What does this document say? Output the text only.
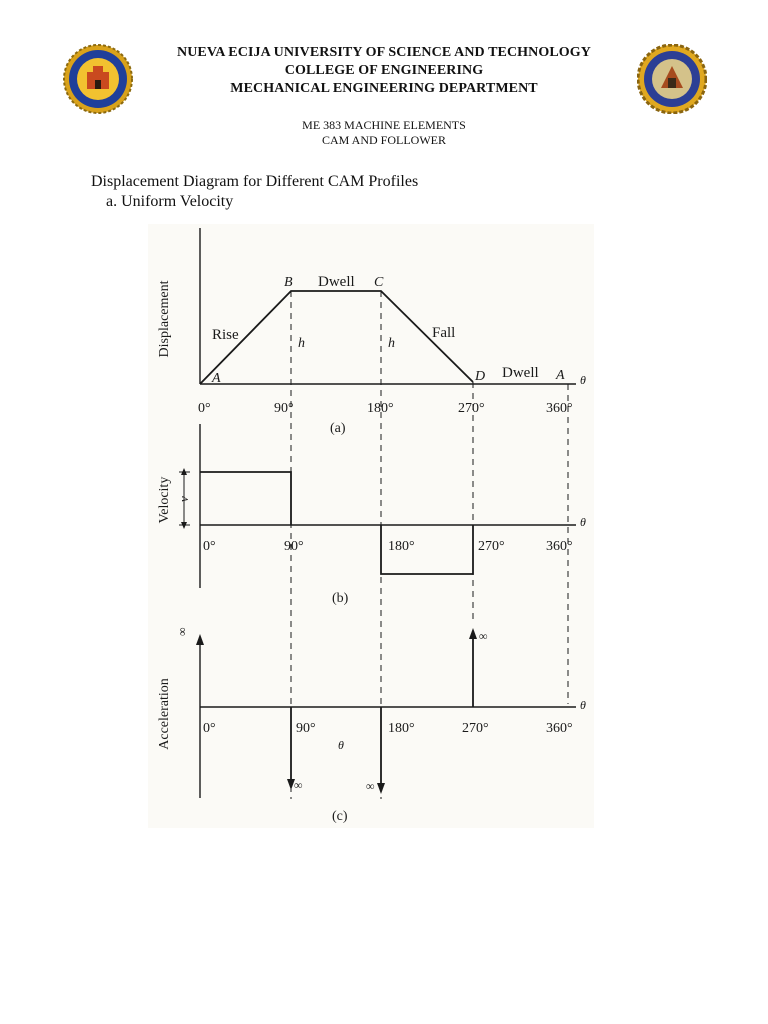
NUEVA ECIJA UNIVERSITY OF SCIENCE AND TECHNOLOGY
COLLEGE OF ENGINEERING
MECHANICAL ENGINEERING DEPARTMENT
ME 383 MACHINE ELEMENTS
CAM AND FOLLOWER
Displacement Diagram for Different CAM Profiles
a. Uniform Velocity
Displacement	Rise	Fall
Dwell
Dwell
A
B	C
D	A
h	h
θ
0°	90°	180°	270°	360°
(a)
Velocity v
θ
0°	90°	180°	270°	360°
(b)
Acceleration	θ
∞
∞	∞
∞
θ
0°	90°	180°	270°	360°
(c)
